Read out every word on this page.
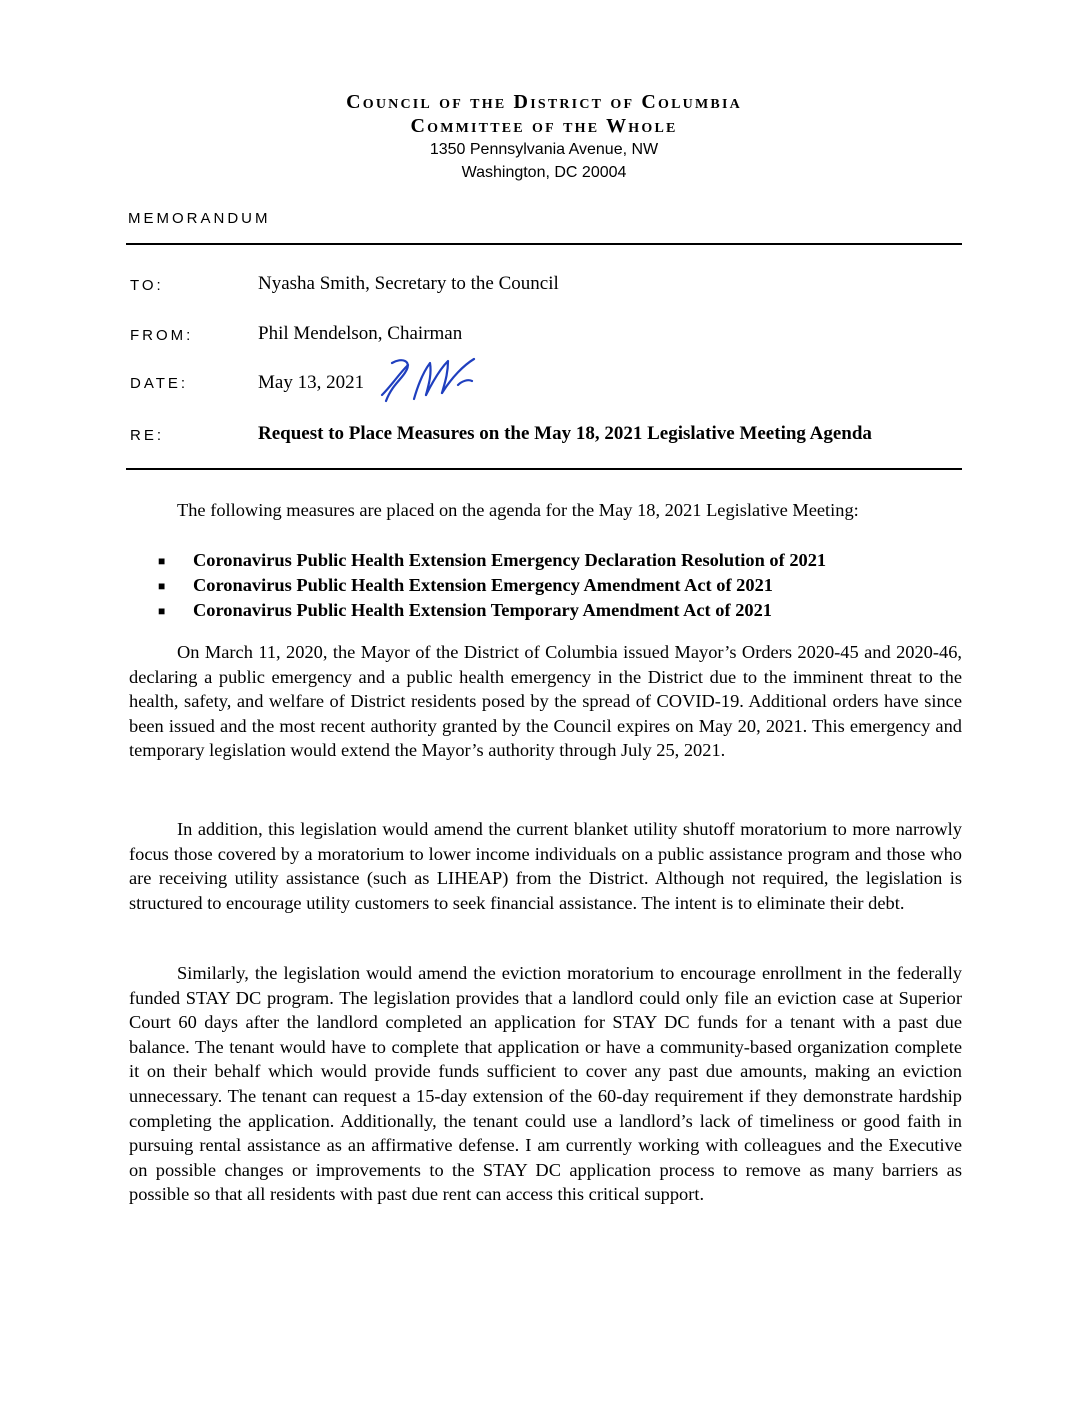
Council of the District of Columbia
Committee of the Whole
1350 Pennsylvania Avenue, NW
Washington, DC 20004
MEMORANDUM
TO:	Nyasha Smith, Secretary to the Council
FROM:	Phil Mendelson, Chairman
DATE:	May 13, 2021
RE:	Request to Place Measures on the May 18, 2021 Legislative Meeting Agenda
The following measures are placed on the agenda for the May 18, 2021 Legislative Meeting:
■ Coronavirus Public Health Extension Emergency Declaration Resolution of 2021
■ Coronavirus Public Health Extension Emergency Amendment Act of 2021
■ Coronavirus Public Health Extension Temporary Amendment Act of 2021

On March 11, 2020, the Mayor of the District of Columbia issued Mayor’s Orders 2020-45 and 2020-46, declaring a public emergency and a public health emergency in the District due to the imminent threat to the health, safety, and welfare of District residents posed by the spread of COVID-19. Additional orders have since been issued and the most recent authority granted by the Council expires on May 20, 2021. This emergency and temporary legislation would extend the Mayor’s authority through July 25, 2021.

In addition, this legislation would amend the current blanket utility shutoff moratorium to more narrowly focus those covered by a moratorium to lower income individuals on a public assistance program and those who are receiving utility assistance (such as LIHEAP) from the District. Although not required, the legislation is structured to encourage utility customers to seek financial assistance. The intent is to eliminate their debt.

Similarly, the legislation would amend the eviction moratorium to encourage enrollment in the federally funded STAY DC program. The legislation provides that a landlord could only file an eviction case at Superior Court 60 days after the landlord completed an application for STAY DC funds for a tenant with a past due balance. The tenant would have to complete that application or have a community-based organization complete it on their behalf which would provide funds sufficient to cover any past due amounts, making an eviction unnecessary. The tenant can request a 15-day extension of the 60-day requirement if they demonstrate hardship completing the application. Additionally, the tenant could use a landlord’s lack of timeliness or good faith in pursuing rental assistance as an affirmative defense. I am currently working with colleagues and the Executive on possible changes or improvements to the STAY DC application process to remove as many barriers as possible so that all residents with past due rent can access this critical support.
